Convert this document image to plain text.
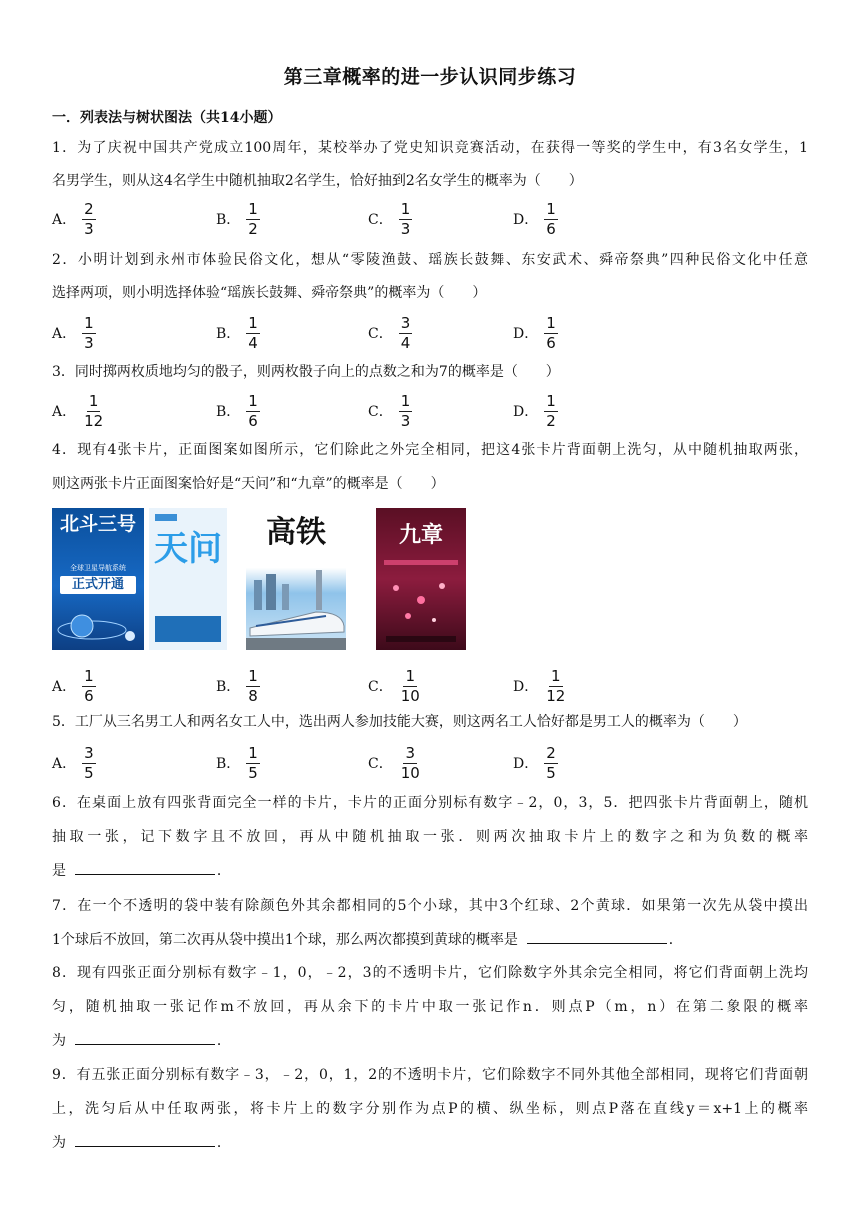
第三章概率的进一步认识同步练习
一．列表法与树状图法（共14小题）
1．为了庆祝中国共产党成立100周年，某校举办了党史知识竞赛活动，在获得一等奖的学生中，有3名女学生，1
名男学生，则从这4名学生中随机抽取2名学生，恰好抽到2名女学生的概率为（　　）
A． $\frac{2}{3}$	B． $\frac{1}{2}$	C． $\frac{1}{3}$	D． $\frac{1}{6}$
2．小明计划到永州市体验民俗文化，想从“零陵渔鼓、瑶族长鼓舞、东安武术、舜帝祭典”四种民俗文化中任意
选择两项，则小明选择体验“瑶族长鼓舞、舜帝祭典”的概率为（　　）
A． $\frac{1}{3}$	B． $\frac{1}{4}$	C． $\frac{3}{4}$	D． $\frac{1}{6}$
3．同时掷两枚质地均匀的骰子，则两枚骰子向上的点数之和为7的概率是（　　）
A． $\frac{1}{12}$	B． $\frac{1}{6}$	C． $\frac{1}{3}$	D． $\frac{1}{2}$
4．现有4张卡片，正面图案如图所示，它们除此之外完全相同，把这4张卡片背面朝上洗匀，从中随机抽取两张，
则这两张卡片正面图案恰好是“天问”和“九章”的概率是（　　）
北斗三号
全球卫星导航系统
正式开通
天问	高铁	九章
A． $\frac{1}{6}$	B． $\frac{1}{8}$	C． $\frac{1}{10}$	D． $\frac{1}{12}$
5．工厂从三名男工人和两名女工人中，选出两人参加技能大赛，则这两名工人恰好都是男工人的概率为（　　）
A． $\frac{3}{5}$	B． $\frac{1}{5}$	C． $\frac{3}{10}$	D． $\frac{2}{5}$
6．在桌面上放有四张背面完全一样的卡片，卡片的正面分别标有数字﹣2，0，3，5．把四张卡片背面朝上，随机
抽取一张，记下数字且不放回，再从中随机抽取一张．则两次抽取卡片上的数字之和为负数的概率
是	．
7．在一个不透明的袋中装有除颜色外其余都相同的5个小球，其中3个红球、2个黄球．如果第一次先从袋中摸出
1个球后不放回，第二次再从袋中摸出1个球，那么两次都摸到黄球的概率是	．
8．现有四张正面分别标有数字﹣1，0，﹣2，3的不透明卡片，它们除数字外其余完全相同，将它们背面朝上洗均
匀，随机抽取一张记作m不放回，再从余下的卡片中取一张记作n．则点P（m，n）在第二象限的概率
为	．
9．有五张正面分别标有数字﹣3，﹣2，0，1，2的不透明卡片，它们除数字不同外其他全部相同，现将它们背面朝
上，洗匀后从中任取两张，将卡片上的数字分别作为点P的横、纵坐标，则点P落在直线y＝x+1上的概率
为	．
